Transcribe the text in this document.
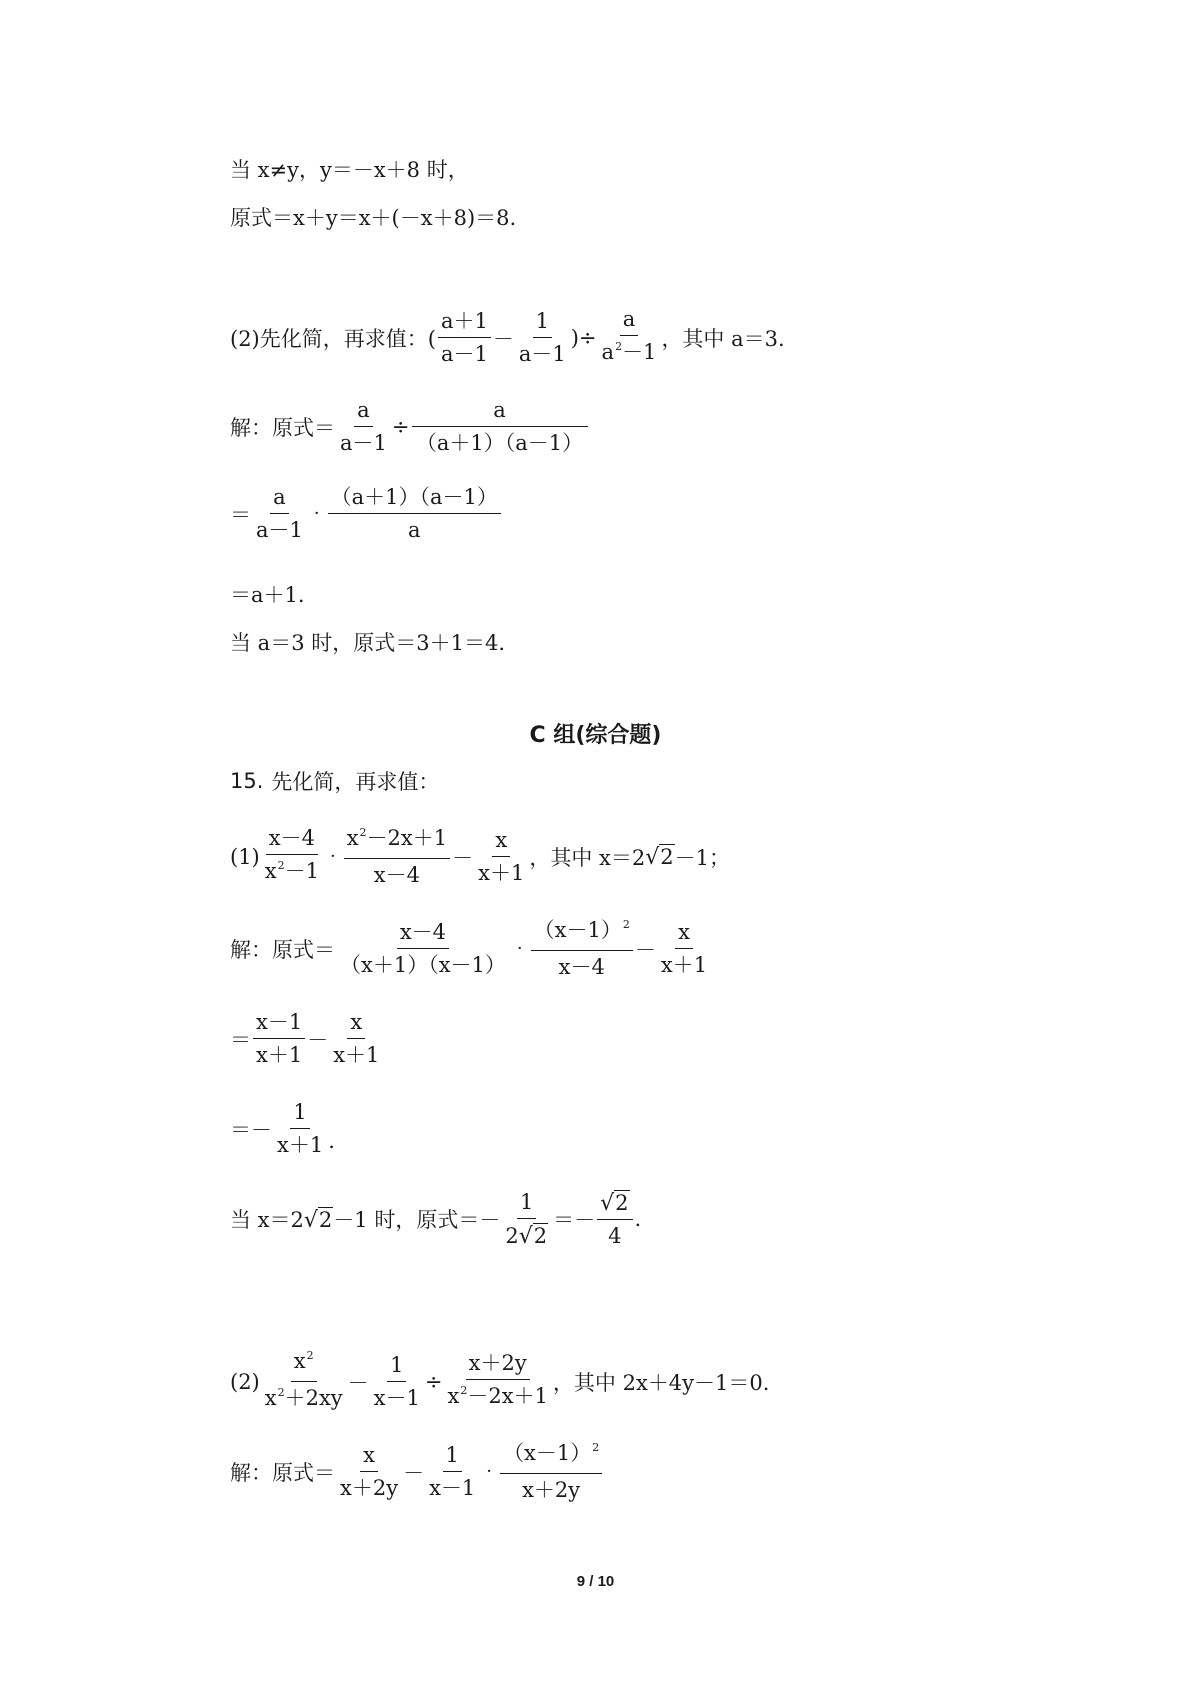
当 x≠y，y＝－x＋8 时，
原式＝x＋y＝x＋(－x＋8)＝8.
(2)先化简，再求值：( $\frac{a+1}{a-1} - \frac{1}{a-1}$ )÷ $\frac{a}{a^2-1}$ ，其中 a＝3.
解：原式＝ $\frac{a}{a-1} \div \frac{a}{(a+1)(a-1)}$
＝ $\frac{a}{a-1} \cdot \frac{(a+1)(a-1)}{a}$
＝a＋1.
当 a＝3 时，原式＝3＋1＝4.
C 组(综合题)
15. 先化简，再求值：
$(1) \frac{x-4}{x^2-1} \cdot \frac{x^2-2x+1}{x-4} - \frac{x}{x+1}$ ，其中 x＝2 √ 2 －1；
解：原式＝ $\frac{x-4}{(x+1)(x-1)} \cdot \frac{(x-1)^2}{x-4} - \frac{x}{x+1}$
＝ $\frac{x-1}{x+1} - \frac{x}{x+1}$
＝－ $\frac{1}{x+1}$ .
当 x＝2 √ 2 －1 时，原式＝－ $\frac{1}{2 √ 2} =- \frac{√ 2}{4}$ .
$(2) \frac{x^2}{x^2+2xy} - \frac{1}{x-1} \div \frac{x+2y}{x^2-2x+1}$ ，其中 2x＋4y－1＝0.
解：原式＝ $\frac{x}{x+2y} - \frac{1}{x-1} \cdot \frac{(x-1)^2}{x+2y}$
9 / 10
